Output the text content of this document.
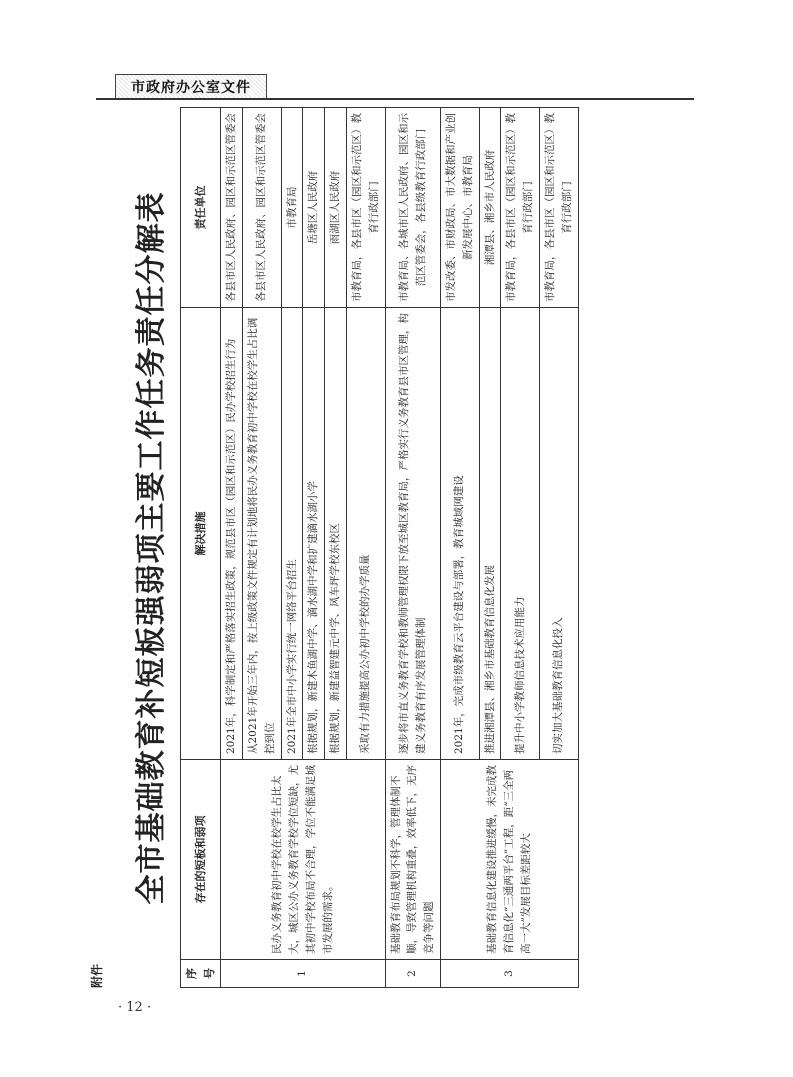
市政府办公室文件
· 12 ·
附件
全市基础教育补短板强弱项主要工作任务责任分解表
序号	存在的短板和弱项	解决措施	责任单位
1	民办义务教育初中学校在校学生占比太大，城区公办义务教育学校学位短缺，尤其初中学校布局不合理，学位不能满足城市发展的需求。	2021年，科学制定和严格落实招生政策，规范县市区（园区和示范区）民办学校招生行为	各县市区人民政府、园区和示范区管委会
		从2021年开始三年内，按上级政策文件规定有计划地将民办义务教育初中学校在校学生占比调控到位	各县市区人民政府、园区和示范区管委会
		2021年全市中小学实行统一网络平台招生	市教育局
		根据规划，新建木鱼湖中学、滴水湖中学和扩建滴水湖小学	岳塘区人民政府
		根据规划，新建益智建元中学、风车坪学校东校区	雨湖区人民政府
		采取有力措施提高公办初中学校的办学质量	市教育局，各县市区（园区和示范区）教育行政部门
2	基础教育布局规划不科学，管理体制不顺，导致管理机构重叠，效率低下，无序竞争等问题	逐步将市直义务教育学校和教师管理权限下放至城区教育局，严格实行义务教育县市区管理，构建义务教育有序发展管理体制	市教育局、各城市区人民政府、园区和示范区管委会，各县级教育行政部门
3	基础教育信息化建设推进缓慢，未完成教育信息化“三通两平台”工程，距“三全两高一大”发展目标差距较大	2021年，完成市级教育云平台建设与部署，教育城域网建设	市发改委、市财政局、市大数据和产业创新发展中心、市教育局
		推进湘潭县、湘乡市基础教育信息化发展	湘潭县、湘乡市人民政府
		提升中小学教师信息技术应用能力	市教育局，各县市区（园区和示范区）教育行政部门
		切实加大基础教育信息化投入	市教育局，各县市区（园区和示范区）教育行政部门
